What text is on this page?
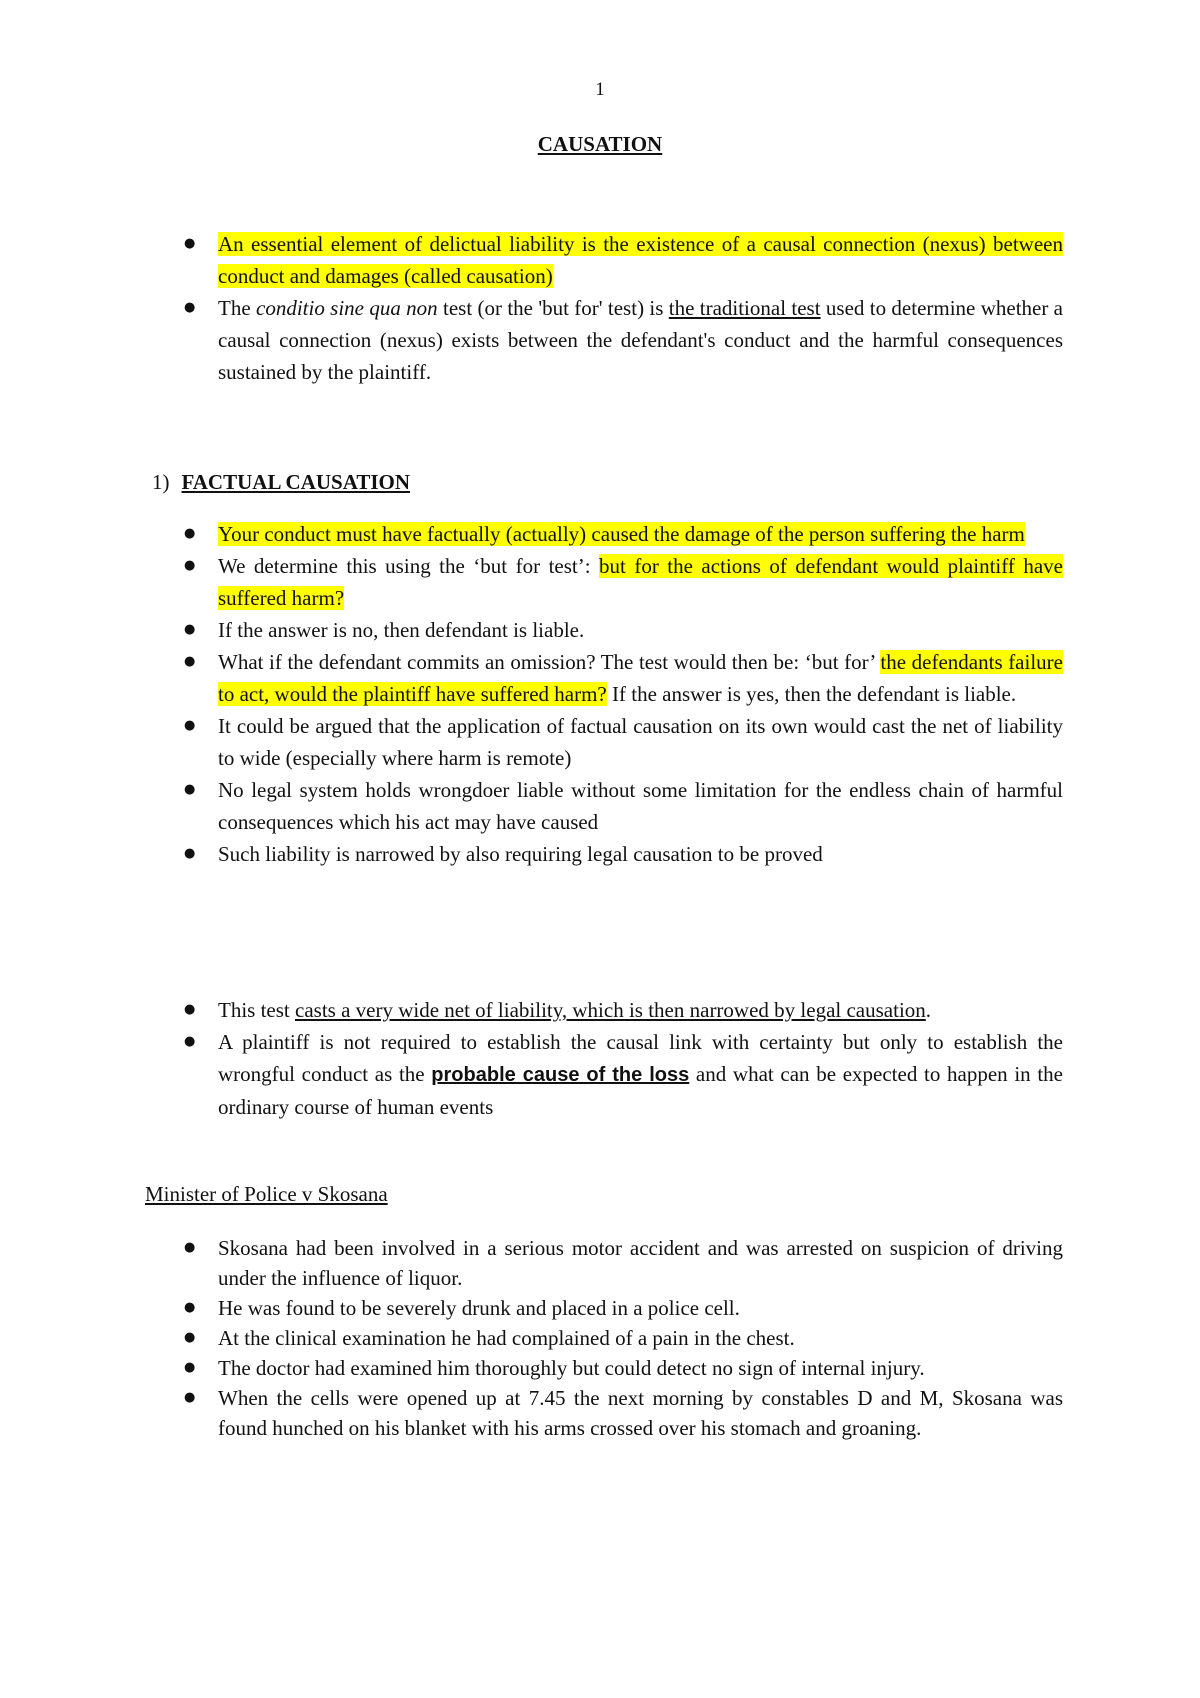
1
CAUSATION
● An essential element of delictual liability is the existence of a causal connection (nexus) between conduct and damages (called causation)
● The conditio sine qua non test (or the 'but for' test) is the traditional test used to determine whether a causal connection (nexus) exists between the defendant's conduct and the harmful consequences sustained by the plaintiff.
1) FACTUAL CAUSATION
● Your conduct must have factually (actually) caused the damage of the person suffering the harm
● We determine this using the ‘but for test’: but for the actions of defendant would plaintiff have suffered harm?
● If the answer is no, then defendant is liable.
● What if the defendant commits an omission? The test would then be: ‘but for’ the defendants failure to act, would the plaintiff have suffered harm? If the answer is yes, then the defendant is liable.
● It could be argued that the application of factual causation on its own would cast the net of liability to wide (especially where harm is remote)
● No legal system holds wrongdoer liable without some limitation for the endless chain of harmful consequences which his act may have caused
● Such liability is narrowed by also requiring legal causation to be proved
● This test casts a very wide net of liability, which is then narrowed by legal causation.
● A plaintiff is not required to establish the causal link with certainty but only to establish the wrongful conduct as the probable cause of the loss and what can be expected to happen in the ordinary course of human events
Minister of Police v Skosana
● Skosana had been involved in a serious motor accident and was arrested on suspicion of driving under the influence of liquor.
● He was found to be severely drunk and placed in a police cell.
● At the clinical examination he had complained of a pain in the chest.
● The doctor had examined him thoroughly but could detect no sign of internal injury.
● When the cells were opened up at 7.45 the next morning by constables D and M, Skosana was found hunched on his blanket with his arms crossed over his stomach and groaning.
